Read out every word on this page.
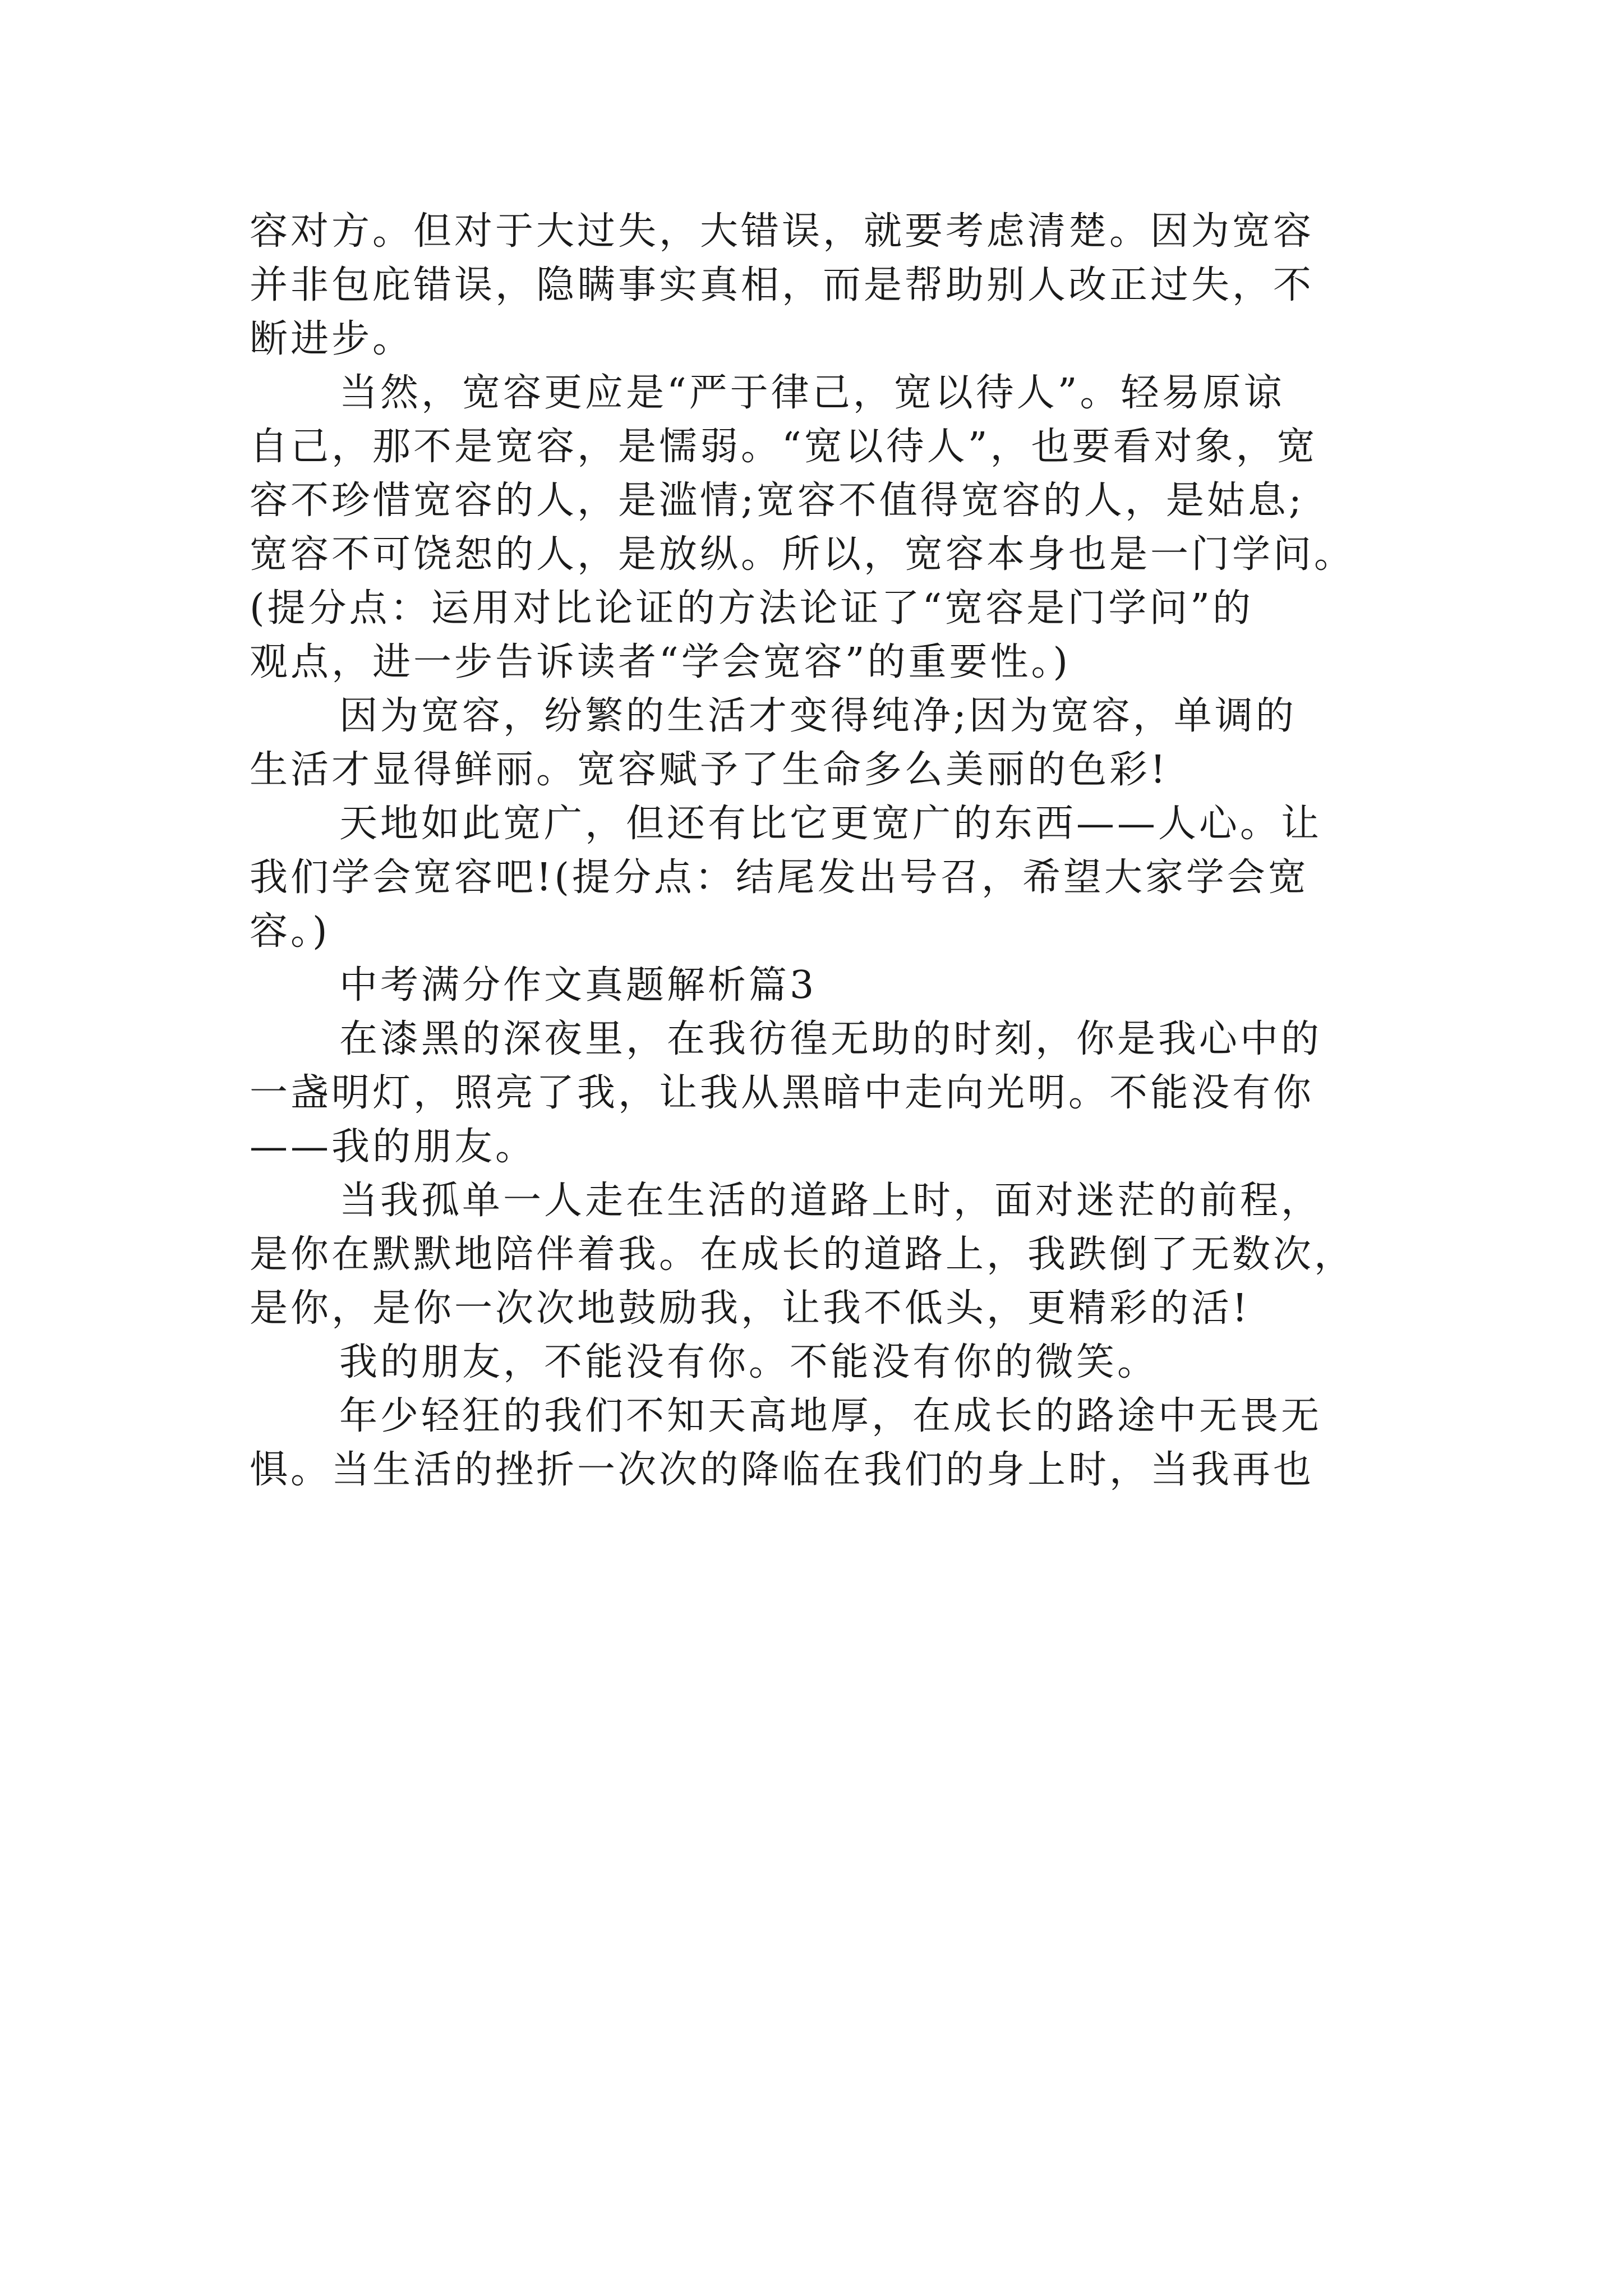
容对方。但对于大过失，大错误，就要考虑清楚。因为宽容
并非包庇错误，隐瞒事实真相，而是帮助别人改正过失，不
断进步。

当然，宽容更应是“严于律己，宽以待人”。轻易原谅
自己，那不是宽容，是懦弱。“宽以待人”，也要看对象，宽
容不珍惜宽容的人，是滥情;宽容不值得宽容的人，是姑息;
宽容不可饶恕的人，是放纵。所以，宽容本身也是一门学问。
(提分点：运用对比论证的方法论证了“宽容是门学问”的
观点，进一步告诉读者“学会宽容”的重要性。)

因为宽容，纷繁的生活才变得纯净;因为宽容，单调的
生活才显得鲜丽。宽容赋予了生命多么美丽的色彩!

天地如此宽广，但还有比它更宽广的东西——人心。让
我们学会宽容吧!(提分点：结尾发出号召，希望大家学会宽
容。)

中考满分作文真题解析篇3

在漆黑的深夜里，在我彷徨无助的时刻，你是我心中的
一盏明灯，照亮了我，让我从黑暗中走向光明。不能没有你
——我的朋友。

当我孤单一人走在生活的道路上时，面对迷茫的前程，
是你在默默地陪伴着我。在成长的道路上，我跌倒了无数次，
是你，是你一次次地鼓励我，让我不低头，更精彩的活!

我的朋友，不能没有你。不能没有你的微笑。

年少轻狂的我们不知天高地厚，在成长的路途中无畏无
惧。当生活的挫折一次次的降临在我们的身上时，当我再也
